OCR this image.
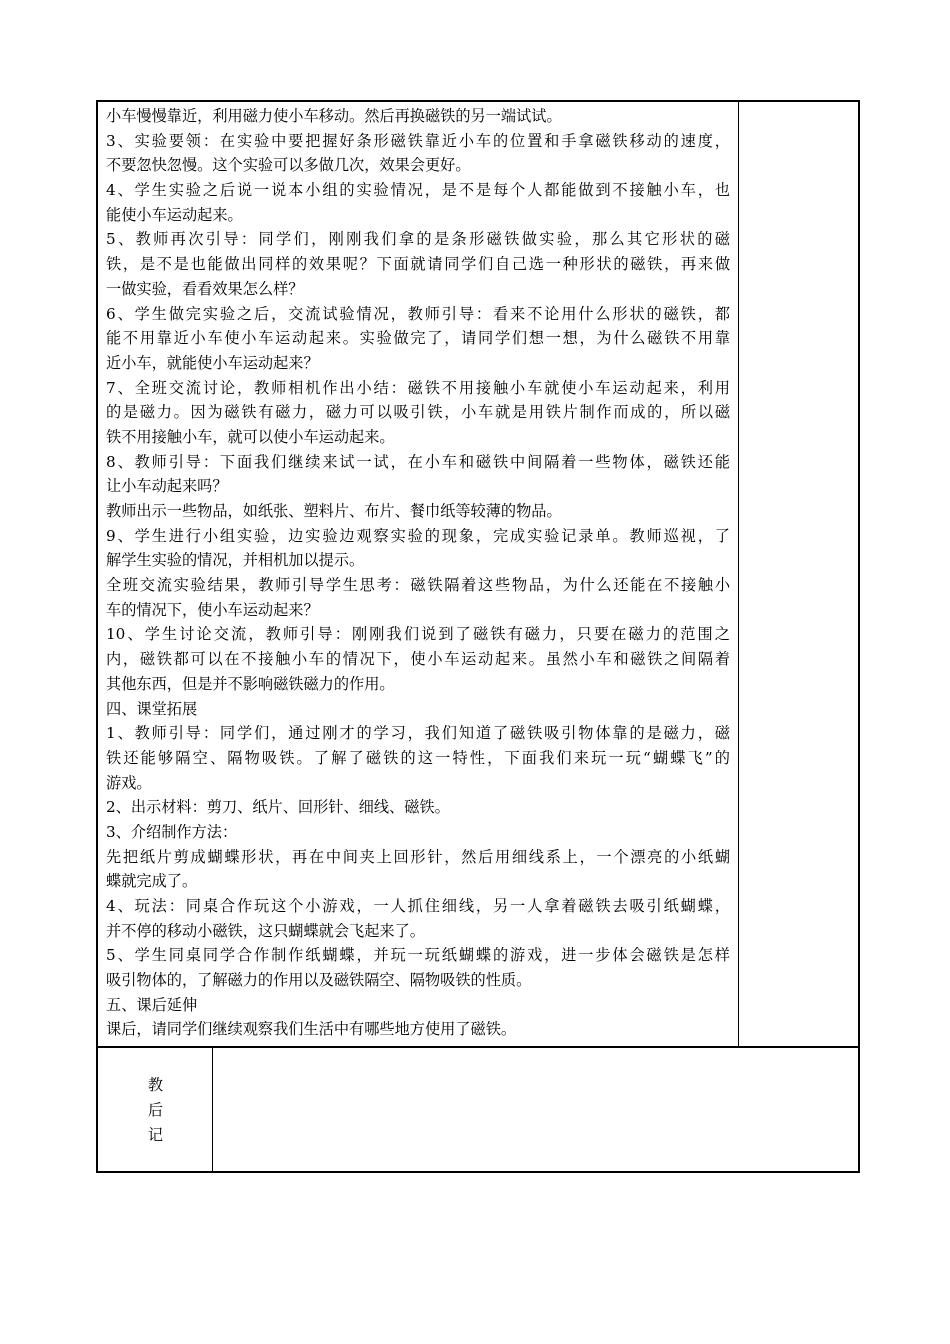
小车慢慢靠近，利用磁力使小车移动。然后再换磁铁的另一端试试。
3、实验要领：在实验中要把握好条形磁铁靠近小车的位置和手拿磁铁移动的速度，
不要忽快忽慢。这个实验可以多做几次，效果会更好。
4、学生实验之后说一说本小组的实验情况，是不是每个人都能做到不接触小车，也
能使小车运动起来。
5、教师再次引导：同学们，刚刚我们拿的是条形磁铁做实验，那么其它形状的磁
铁，是不是也能做出同样的效果呢？下面就请同学们自己选一种形状的磁铁，再来做
一做实验，看看效果怎么样？
6、学生做完实验之后，交流试验情况，教师引导：看来不论用什么形状的磁铁，都
能不用靠近小车使小车运动起来。实验做完了，请同学们想一想，为什么磁铁不用靠
近小车，就能使小车运动起来？
7、全班交流讨论，教师相机作出小结：磁铁不用接触小车就使小车运动起来，利用
的是磁力。因为磁铁有磁力，磁力可以吸引铁，小车就是用铁片制作而成的，所以磁
铁不用接触小车，就可以使小车运动起来。
8、教师引导：下面我们继续来试一试，在小车和磁铁中间隔着一些物体，磁铁还能
让小车动起来吗？
教师出示一些物品，如纸张、塑料片、布片、餐巾纸等较薄的物品。
9、学生进行小组实验，边实验边观察实验的现象，完成实验记录单。教师巡视，了
解学生实验的情况，并相机加以提示。
全班交流实验结果，教师引导学生思考：磁铁隔着这些物品，为什么还能在不接触小
车的情况下，使小车运动起来？
10、学生讨论交流，教师引导：刚刚我们说到了磁铁有磁力，只要在磁力的范围之
内，磁铁都可以在不接触小车的情况下，使小车运动起来。虽然小车和磁铁之间隔着
其他东西，但是并不影响磁铁磁力的作用。
四、课堂拓展
1、教师引导：同学们，通过刚才的学习，我们知道了磁铁吸引物体靠的是磁力，磁
铁还能够隔空、隔物吸铁。了解了磁铁的这一特性，下面我们来玩一玩“蝴蝶飞”的
游戏。
2、出示材料：剪刀、纸片、回形针、细线、磁铁。
3、介绍制作方法：
先把纸片剪成蝴蝶形状，再在中间夹上回形针，然后用细线系上，一个漂亮的小纸蝴
蝶就完成了。
4、玩法：同桌合作玩这个小游戏，一人抓住细线，另一人拿着磁铁去吸引纸蝴蝶，
并不停的移动小磁铁，这只蝴蝶就会飞起来了。
5、学生同桌同学合作制作纸蝴蝶，并玩一玩纸蝴蝶的游戏，进一步体会磁铁是怎样
吸引物体的，了解磁力的作用以及磁铁隔空、隔物吸铁的性质。
五、课后延伸
课后，请同学们继续观察我们生活中有哪些地方使用了磁铁。
教
后
记
